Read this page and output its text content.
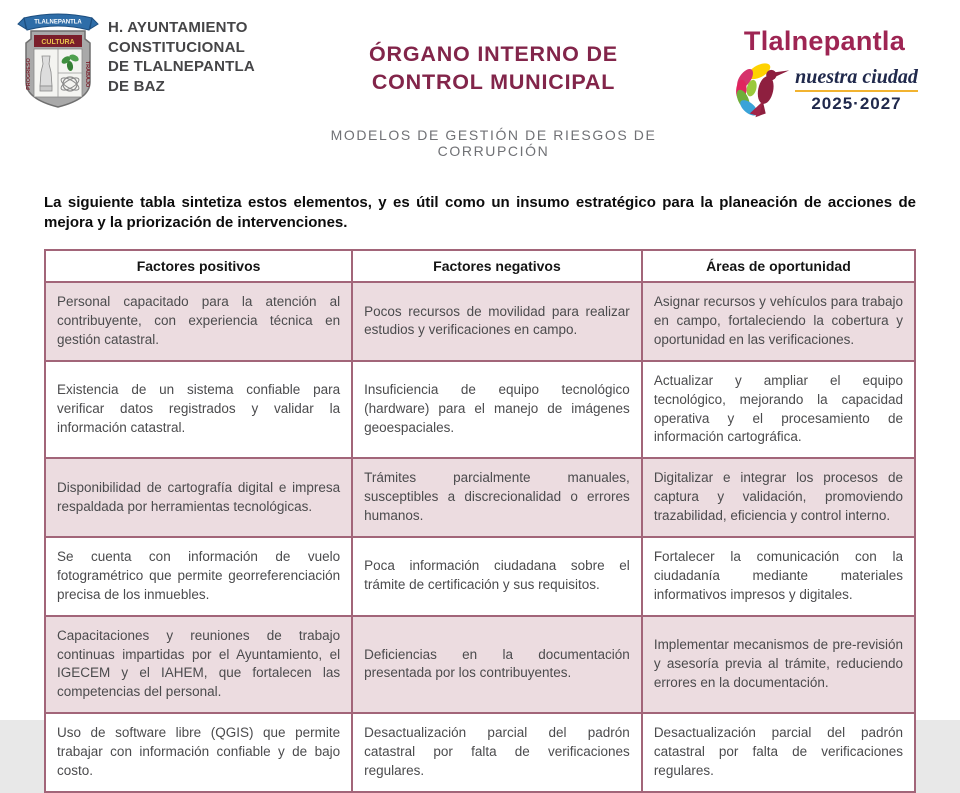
TLALNEPANTLA
CULTURA
PROGRESO	TRABAJO
H. AYUNTAMIENTO
CONSTITUCIONAL
DE TLALNEPANTLA
DE BAZ
ÓRGANO INTERNO DE
CONTROL MUNICIPAL
MODELOS DE GESTIÓN DE RIESGOS DE CORRUPCIÓN
Tlalnepantla
nuestra ciudad
2025·2027

La siguiente tabla sintetiza estos elementos, y es útil como un insumo estratégico para la planeación de acciones de mejora y la priorización de intervenciones.

Factores positivos	Factores negativos	Áreas de oportunidad
Personal capacitado para la atención al contribuyente, con experiencia técnica en gestión catastral.	Pocos recursos de movilidad para realizar estudios y verificaciones en campo.	Asignar recursos y vehículos para trabajo en campo, fortaleciendo la cobertura y oportunidad en las verificaciones.
Existencia de un sistema confiable para verificar datos registrados y validar la información catastral.	Insuficiencia de equipo tecnológico (hardware) para el manejo de imágenes geoespaciales.	Actualizar y ampliar el equipo tecnológico, mejorando la capacidad operativa y el procesamiento de información cartográfica.
Disponibilidad de cartografía digital e impresa respaldada por herramientas tecnológicas.	Trámites parcialmente manuales, susceptibles a discrecionalidad o errores humanos.	Digitalizar e integrar los procesos de captura y validación, promoviendo trazabilidad, eficiencia y control interno.
Se cuenta con información de vuelo fotogramétrico que permite georreferenciación precisa de los inmuebles.	Poca información ciudadana sobre el trámite de certificación y sus requisitos.	Fortalecer la comunicación con la ciudadanía mediante materiales informativos impresos y digitales.
Capacitaciones y reuniones de trabajo continuas impartidas por el Ayuntamiento, el IGECEM y el IAHEM, que fortalecen las competencias del personal.	Deficiencias en la documentación presentada por los contribuyentes.	Implementar mecanismos de pre-revisión y asesoría previa al trámite, reduciendo errores en la documentación.
Uso de software libre (QGIS) que permite trabajar con información confiable y de bajo costo.	Desactualización parcial del padrón catastral por falta de verificaciones regulares.	Desactualización parcial del padrón catastral por falta de verificaciones regulares.
